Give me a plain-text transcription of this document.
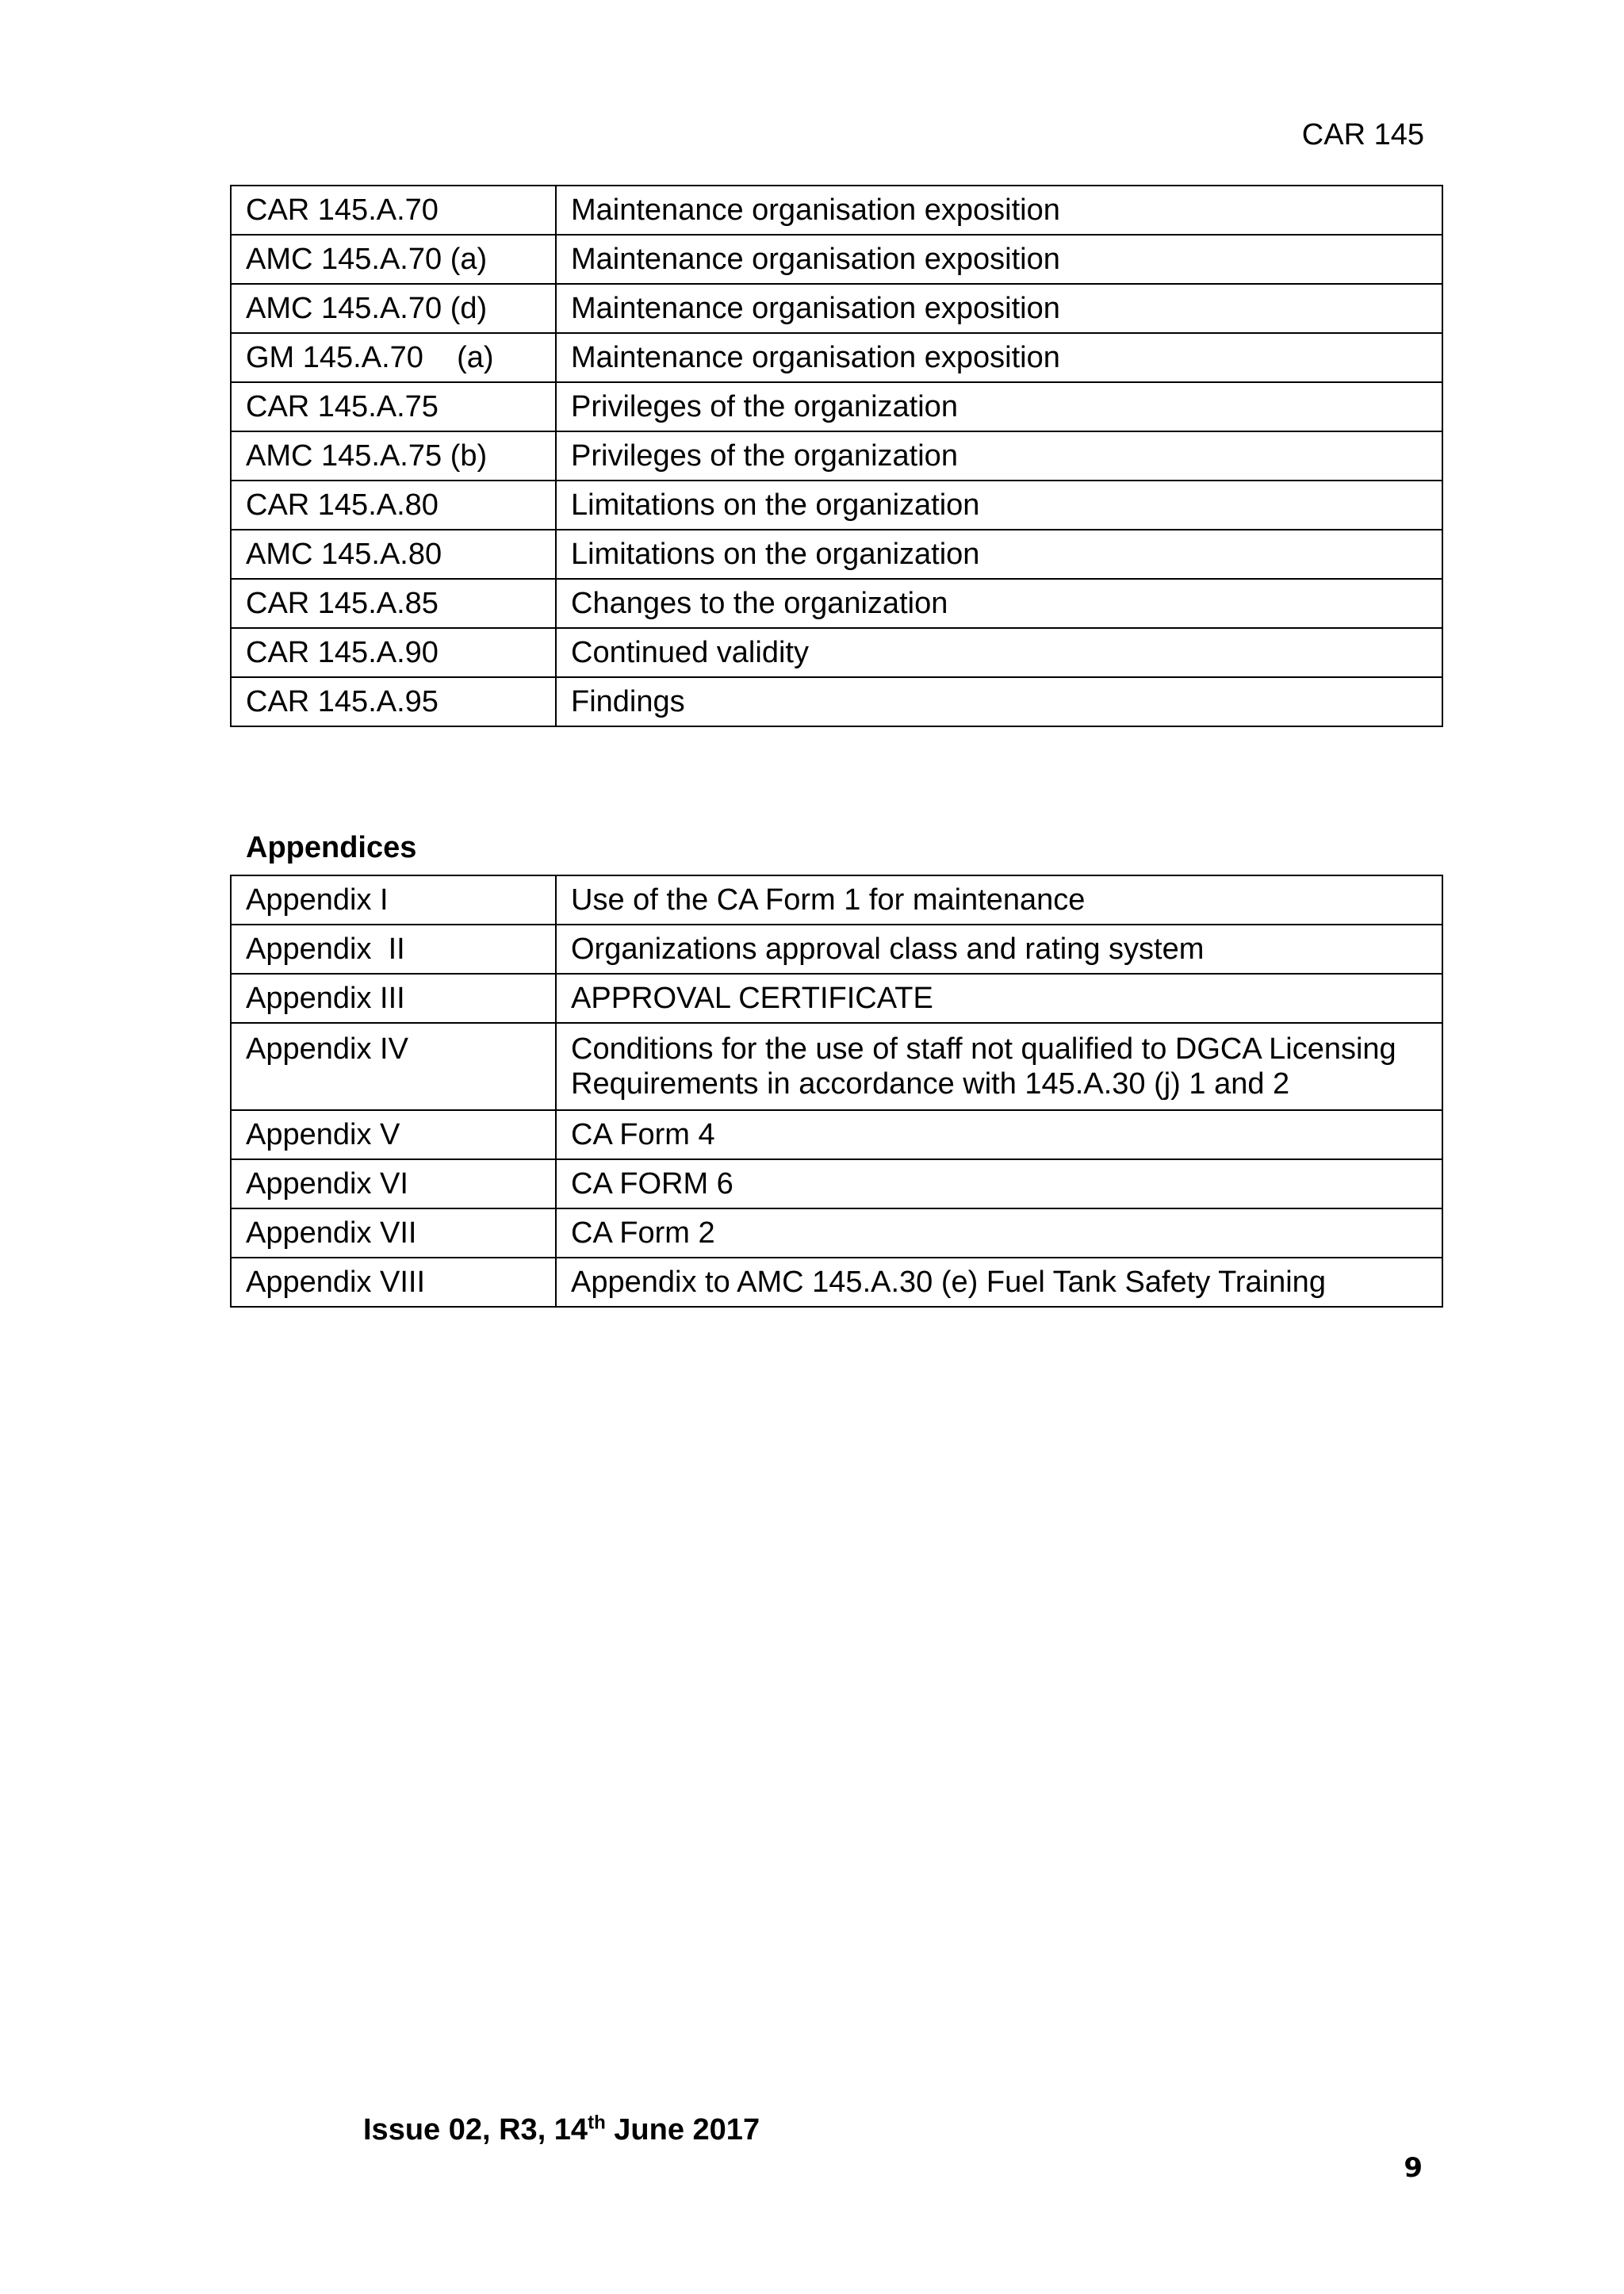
CAR 145
CAR 145.A.70	Maintenance organisation exposition
AMC 145.A.70 (a)	Maintenance organisation exposition
AMC 145.A.70 (d)	Maintenance organisation exposition
GM 145.A.70    (a)	Maintenance organisation exposition
CAR 145.A.75	Privileges of the organization
AMC 145.A.75 (b)	Privileges of the organization
CAR 145.A.80	Limitations on the organization
AMC 145.A.80	Limitations on the organization
CAR 145.A.85	Changes to the organization
CAR 145.A.90	Continued validity
CAR 145.A.95	Findings
Appendices
Appendix I	Use of the CA Form 1 for maintenance
Appendix  II	Organizations approval class and rating system
Appendix III	APPROVAL CERTIFICATE
Appendix IV	Conditions for the use of staff not qualified to DGCA Licensing
Requirements in accordance with 145.A.30 (j) 1 and 2

Appendix V	CA Form 4
Appendix VI	CA FORM 6
Appendix VII	CA Form 2
Appendix VIII	Appendix to AMC 145.A.30 (e) Fuel Tank Safety Training
Issue 02, R3, 14th June 2017
9
